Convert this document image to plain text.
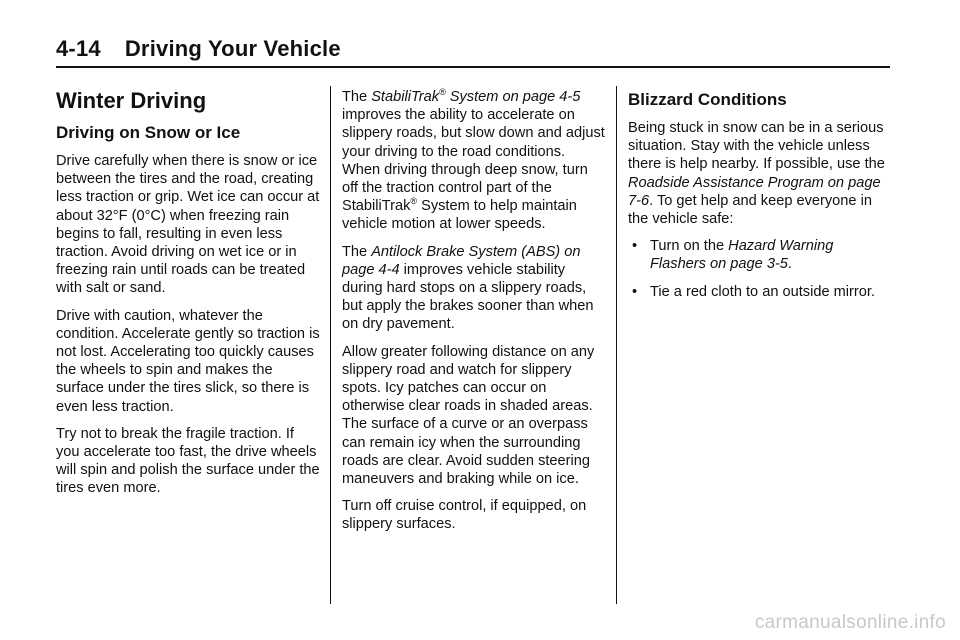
4-14 Driving Your Vehicle
Winter Driving
Driving on Snow or Ice

Drive carefully when there is snow or ice between the tires and the road, creating less traction or grip. Wet ice can occur at about 32°F (0°C) when freezing rain begins to fall, resulting in even less traction. Avoid driving on wet ice or in freezing rain until roads can be treated with salt or sand.

Drive with caution, whatever the condition. Accelerate gently so traction is not lost. Accelerating too quickly causes the wheels to spin and makes the surface under the tires slick, so there is even less traction.

Try not to break the fragile traction. If you accelerate too fast, the drive wheels will spin and polish the surface under the tires even more.

The StabiliTrak® System on page 4-5 improves the ability to accelerate on slippery roads, but slow down and adjust your driving to the road conditions. When driving through deep snow, turn off the traction control part of the StabiliTrak® System to help maintain vehicle motion at lower speeds.

The Antilock Brake System (ABS) on page 4-4 improves vehicle stability during hard stops on a slippery roads, but apply the brakes sooner than when on dry pavement.

Allow greater following distance on any slippery road and watch for slippery spots. Icy patches can occur on otherwise clear roads in shaded areas. The surface of a curve or an overpass can remain icy when the surrounding roads are clear. Avoid sudden steering maneuvers and braking while on ice.

Turn off cruise control, if equipped, on slippery surfaces.

Blizzard Conditions

Being stuck in snow can be in a serious situation. Stay with the vehicle unless there is help nearby. If possible, use the Roadside Assistance Program on page 7-6. To get help and keep everyone in the vehicle safe:

• Turn on the Hazard Warning Flashers on page 3-5.
• Tie a red cloth to an outside mirror.
carmanualsonline.info
